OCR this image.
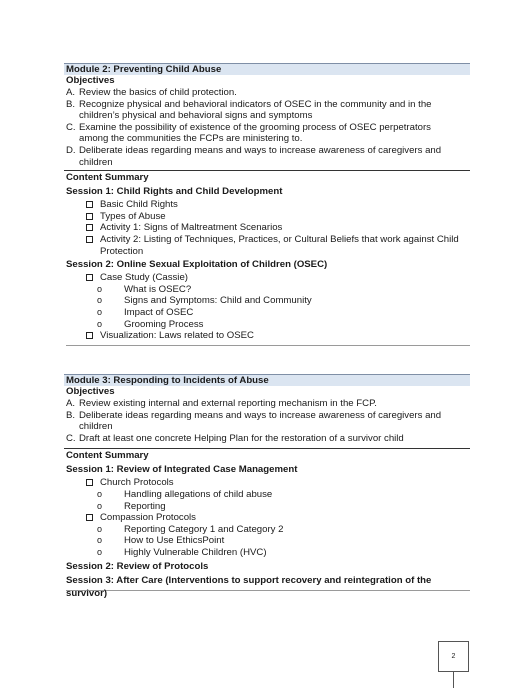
Module 2: Preventing Child Abuse
Objectives
A. Review the basics of child protection.
B. Recognize physical and behavioral indicators of OSEC in the community and in the
children’s physical and behavioral signs and symptoms
C. Examine the possibility of existence of the grooming process of OSEC perpetrators
among the communities the FCPs are ministering to.
D. Deliberate ideas regarding means and ways to increase awareness of caregivers and
children
Content Summary
Session 1: Child Rights and Child Development
Basic Child Rights
Types of Abuse
Activity 1: Signs of Maltreatment Scenarios
Activity 2: Listing of Techniques, Practices, or Cultural Beliefs that work against Child
Protection
Session 2: Online Sexual Exploitation of Children (OSEC)
Case Study (Cassie)
o What is OSEC?
o Signs and Symptoms: Child and Community
o Impact of OSEC
o Grooming Process
Visualization: Laws related to OSEC
Module 3: Responding to Incidents of Abuse
Objectives
A. Review existing internal and external reporting mechanism in the FCP.
B. Deliberate ideas regarding means and ways to increase awareness of caregivers and
children
C. Draft at least one concrete Helping Plan for the restoration of a survivor child
Content Summary
Session 1: Review of Integrated Case Management
Church Protocols
o Handling allegations of child abuse
o Reporting
Compassion Protocols
o Reporting Category 1 and Category 2
o How to Use EthicsPoint
o Highly Vulnerable Children (HVC)
Session 2: Review of Protocols
Session 3: After Care (Interventions to support recovery and reintegration of the survivor)
2
